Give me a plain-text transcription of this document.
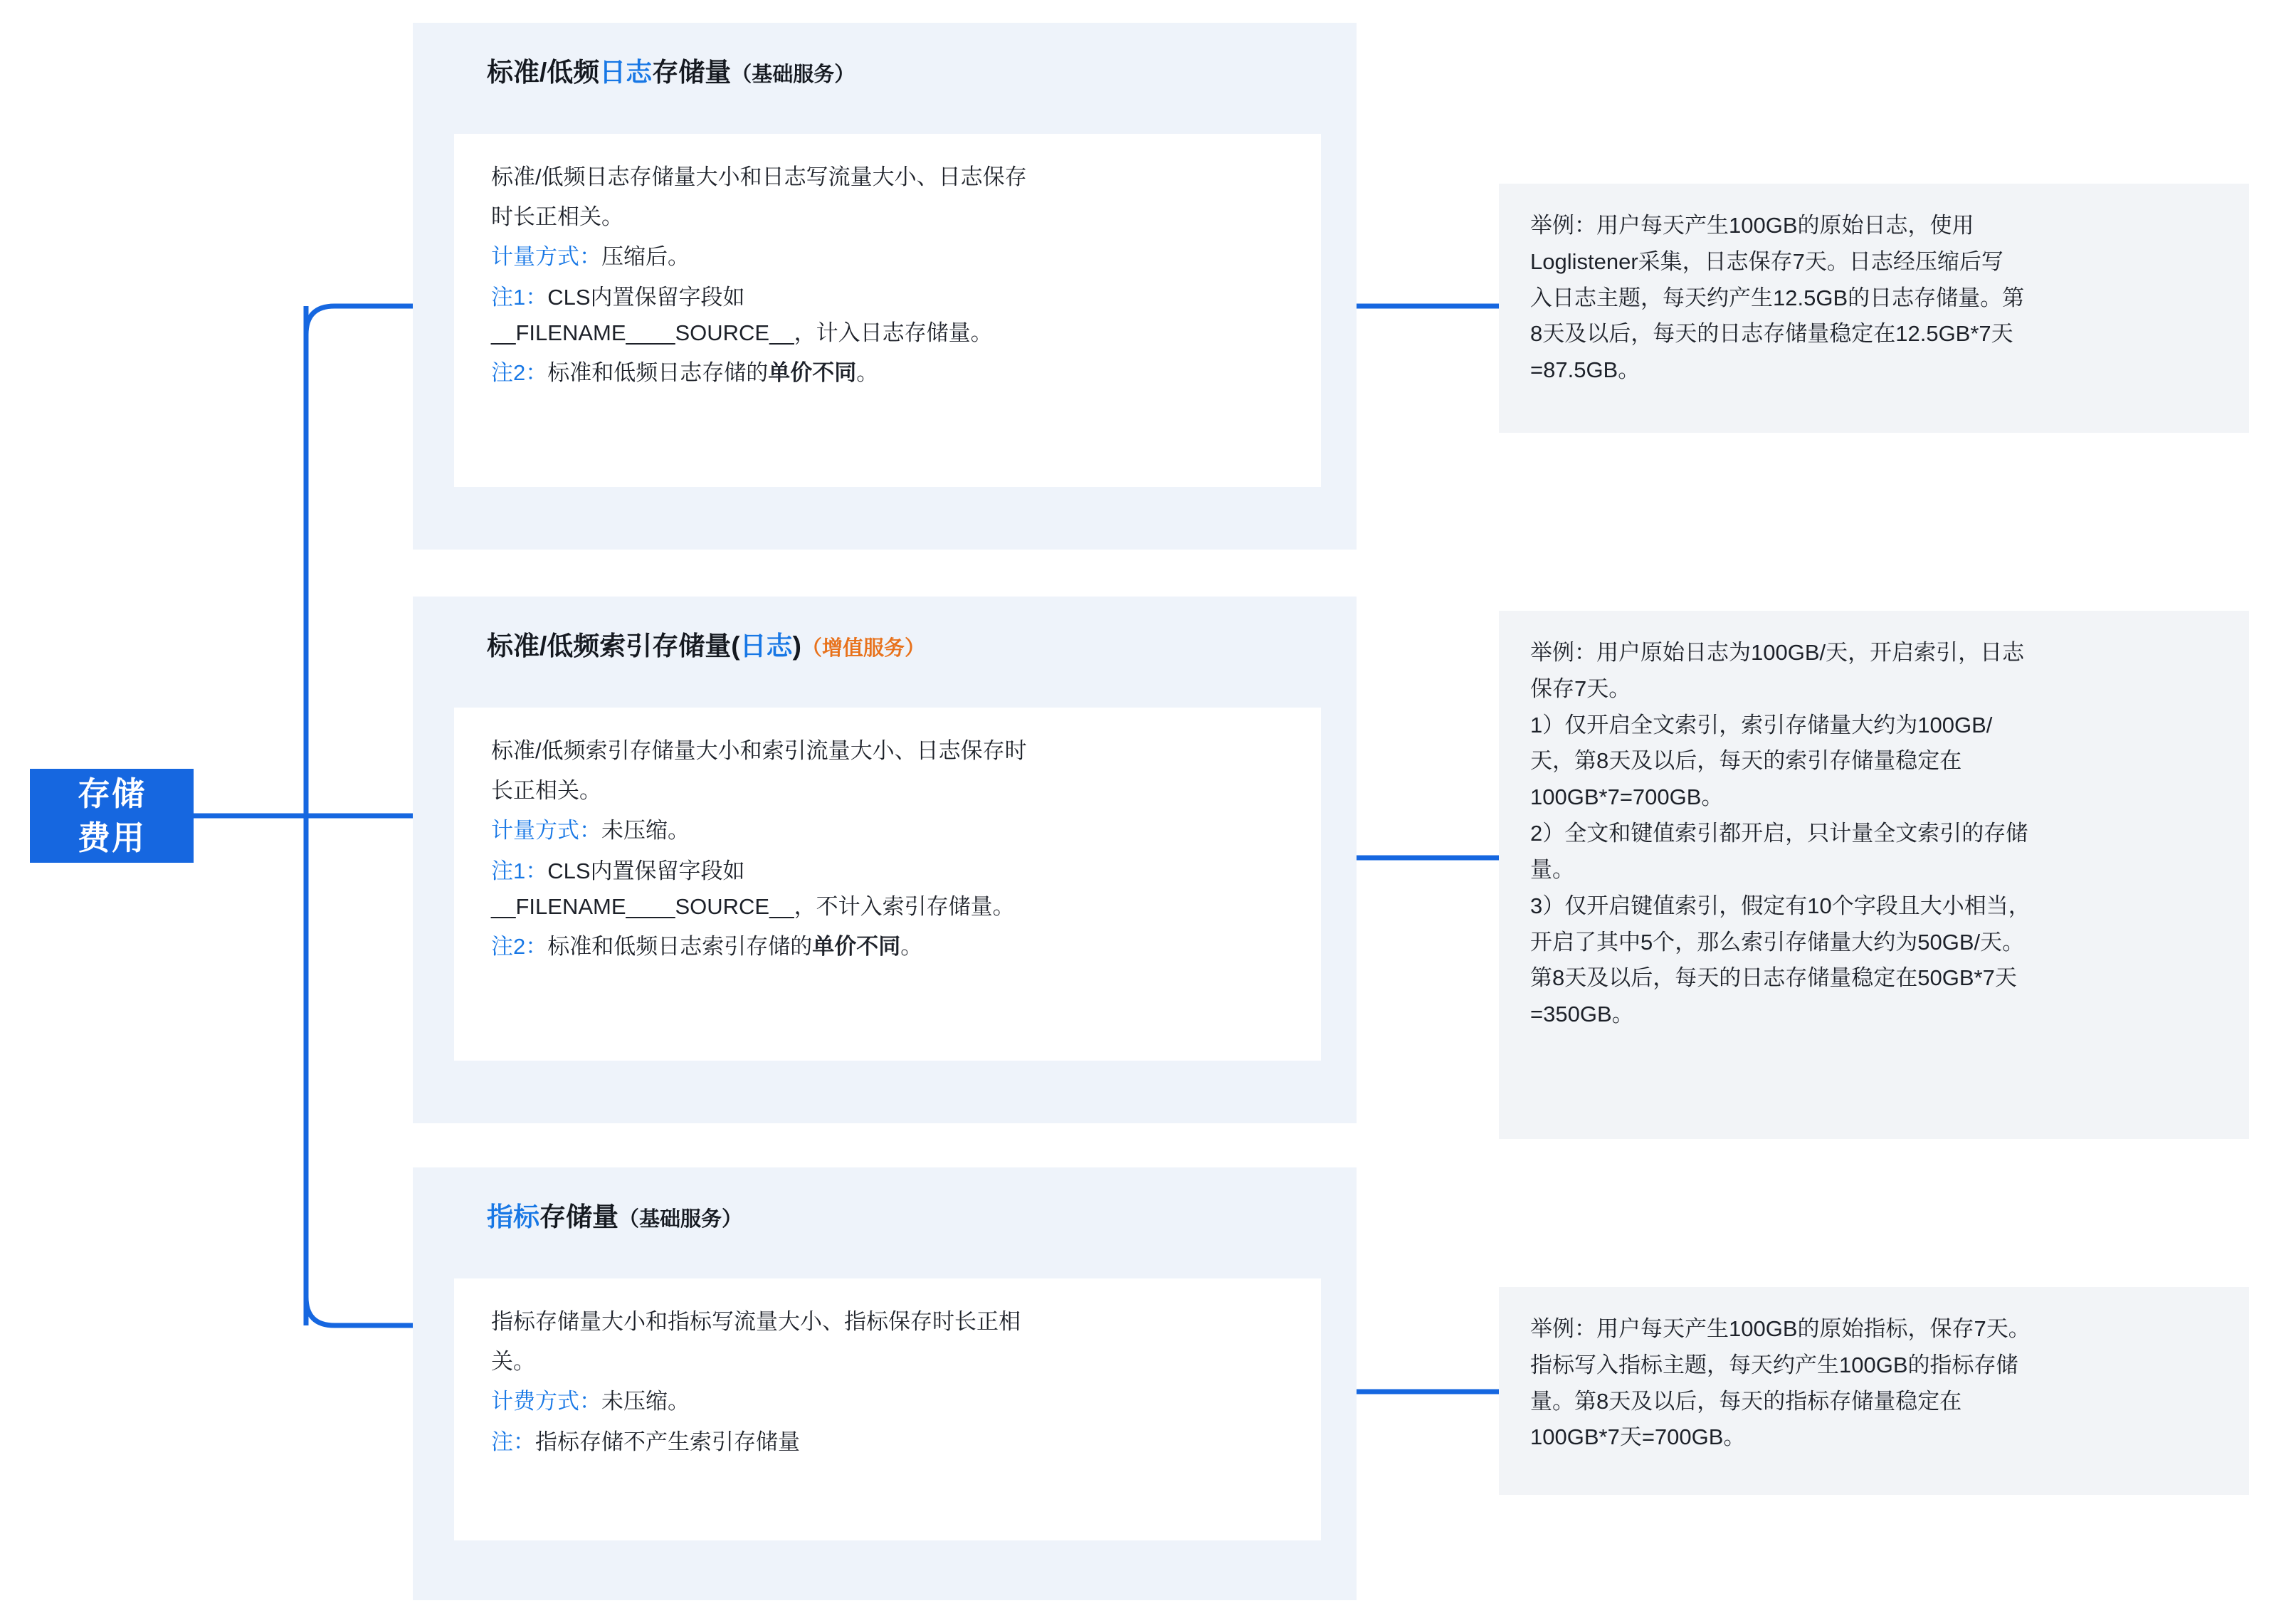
存储
费用
标准/低频日志存储量（基础服务）

标准/低频日志存储量大小和日志写流量大小、日志保存

时长正相关。

计量方式：压缩后。

注1：CLS内置保留字段如

__FILENAME____SOURCE__，计入日志存储量。

注2：标准和低频日志存储的单价不同。

举例：用户每天产生100GB的原始日志，使用

Loglistener采集，日志保存7天。日志经压缩后写

入日志主题，每天约产生12.5GB的日志存储量。第

8天及以后，每天的日志存储量稳定在12.5GB*7天

=87.5GB。

标准/低频索引存储量(日志)（增值服务）

标准/低频索引存储量大小和索引流量大小、日志保存时

长正相关。

计量方式：未压缩。

注1：CLS内置保留字段如

__FILENAME____SOURCE__，不计入索引存储量。

注2：标准和低频日志索引存储的单价不同。

举例：用户原始日志为100GB/天，开启索引，日志

保存7天。

1）仅开启全文索引，索引存储量大约为100GB/

天，第8天及以后，每天的索引存储量稳定在

100GB*7=700GB。

2）全文和键值索引都开启，只计量全文索引的存储

量。

3）仅开启键值索引，假定有10个字段且大小相当，

开启了其中5个，那么索引存储量大约为50GB/天。

第8天及以后，每天的日志存储量稳定在50GB*7天

=350GB。

指标存储量（基础服务）

指标存储量大小和指标写流量大小、指标保存时长正相

关。

计费方式：未压缩。

注：指标存储不产生索引存储量

举例：用户每天产生100GB的原始指标，保存7天。

指标写入指标主题，每天约产生100GB的指标存储

量。第8天及以后，每天的指标存储量稳定在

100GB*7天=700GB。
